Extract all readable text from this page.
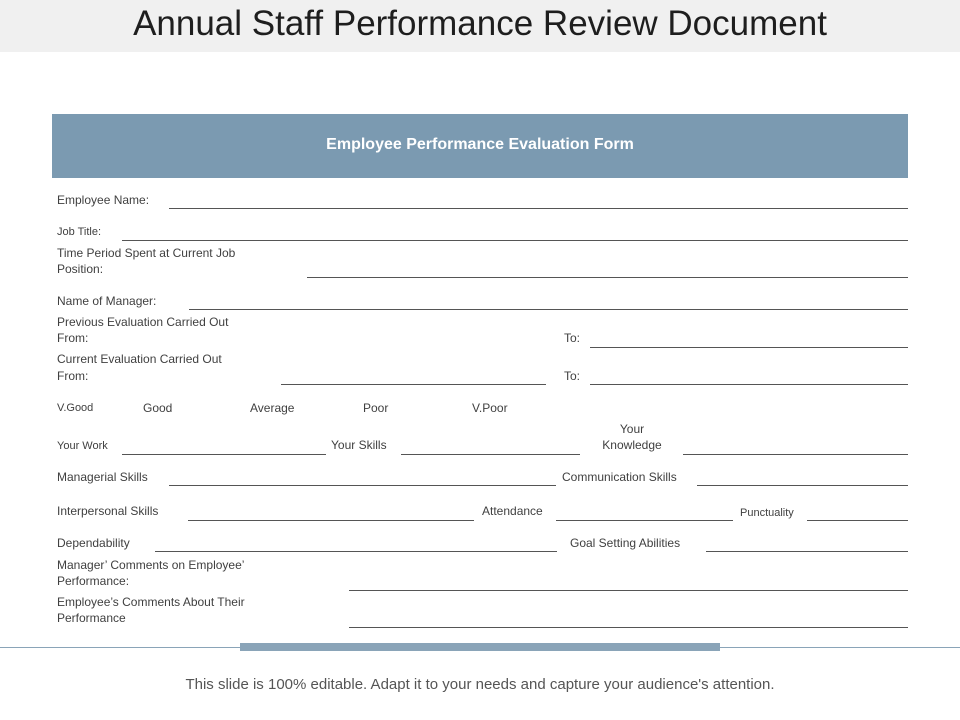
Annual Staff Performance Review Document
Employee Performance Evaluation Form
Employee Name:
Job Title:
Time Period Spent at Current Job
Position:
Name of Manager:
Previous Evaluation Carried Out
From:	To:
Current Evaluation Carried Out
From:	To:
V.Good	Good	Average	Poor	V.Poor
Your Work	Your Skills
Your
Knowledge
Managerial Skills	Communication Skills
Interpersonal Skills	Attendance	Punctuality
Dependability	Goal Setting Abilities
Manager’ Comments on Employee’
Performance:
Employee’s Comments About Their
Performance
This slide is 100% editable. Adapt it to your needs and capture your audience's attention.
